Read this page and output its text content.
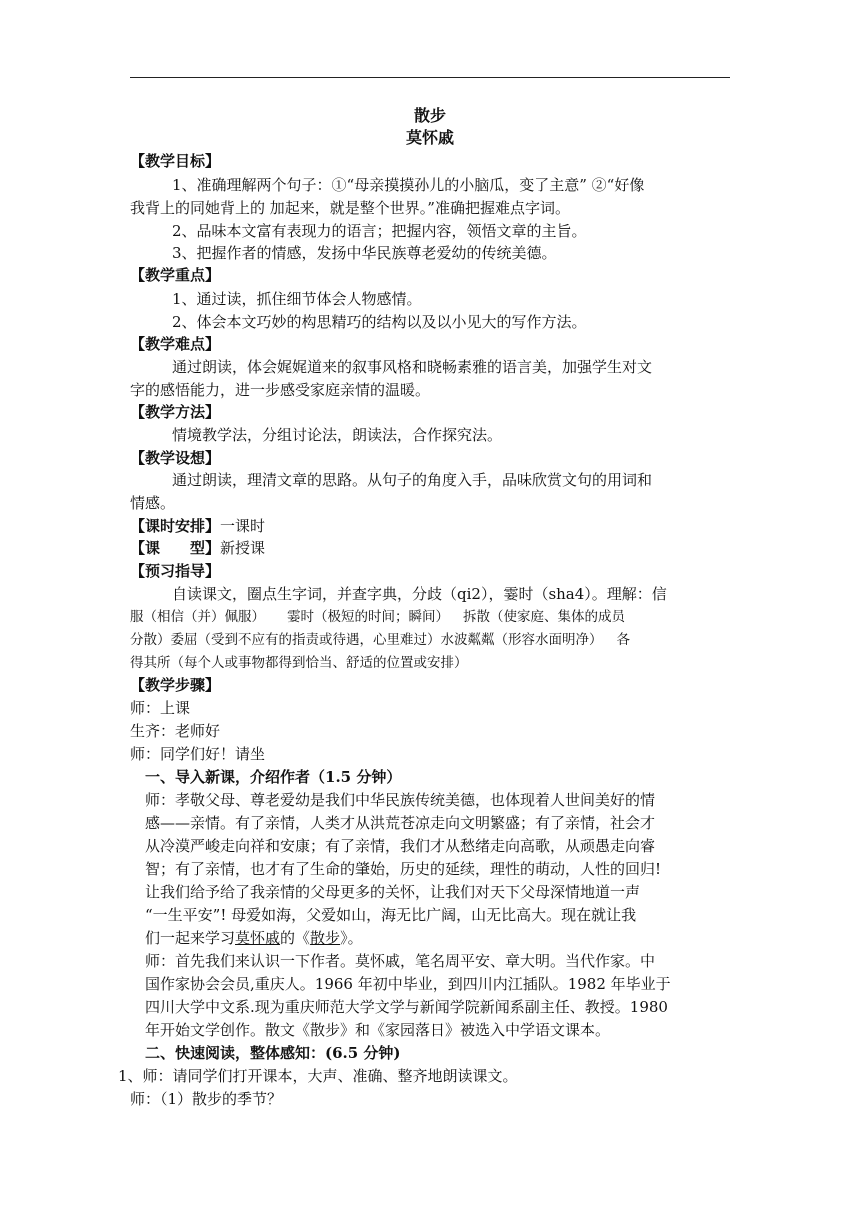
散步
莫怀戚
【教学目标】
1、准确理解两个句子：①“母亲摸摸孙儿的小脑瓜，变了主意” ②“好像
我背上的同她背上的 加起来，就是整个世界。”准确把握难点字词。
2、品味本文富有表现力的语言；把握内容，领悟文章的主旨。
3、把握作者的情感，发扬中华民族尊老爱幼的传统美德。
【教学重点】
1、通过读，抓住细节体会人物感情。
2、体会本文巧妙的构思精巧的结构以及以小见大的写作方法。
【教学难点】
通过朗读，体会娓娓道来的叙事风格和晓畅素雅的语言美，加强学生对文
字的感悟能力，进一步感受家庭亲情的温暖。
【教学方法】
情境教学法，分组讨论法，朗读法，合作探究法。
【教学设想】
通过朗读，理清文章的思路。从句子的角度入手，品味欣赏文句的用词和
情感。
【课时安排】一课时
【课 型】新授课
【预习指导】
自读课文，圈点生字词，并查字典，分歧（qi2），霎时（sha4）。理解：信
服（相信（并）佩服） 霎时（极短的时间；瞬间） 拆散（使家庭、集体的成员
分散）委屈（受到不应有的指责或待遇，心里难过）水波粼粼（形容水面明净） 各
得其所（每个人或事物都得到恰当、舒适的位置或安排）
【教学步骤】
师：上课
生齐：老师好
师：同学们好！请坐
一、导入新课，介绍作者（1.5 分钟）
师：孝敬父母、尊老爱幼是我们中华民族传统美德，也体现着人世间美好的情
感——亲情。有了亲情，人类才从洪荒苍凉走向文明繁盛；有了亲情，社会才
从冷漠严峻走向祥和安康；有了亲情，我们才从愁绪走向高歌，从顽愚走向睿
智；有了亲情，也才有了生命的肇始，历史的延续，理性的萌动，人性的回归!
让我们给予给了我亲情的父母更多的关怀，让我们对天下父母深情地道一声
“一生平安”! 母爱如海，父爱如山，海无比广阔，山无比高大。现在就让我
们一起来学习莫怀戚的《散步》。
师：首先我们来认识一下作者。莫怀戚，笔名周平安、章大明。当代作家。中
国作家协会会员,重庆人。1966 年初中毕业，到四川内江插队。1982 年毕业于
四川大学中文系.现为重庆师范大学文学与新闻学院新闻系副主任、教授。1980
年开始文学创作。散文《散步》和《家园落日》被选入中学语文课本。
二、快速阅读，整体感知：(6.5 分钟)
1、师：请同学们打开课本，大声、准确、整齐地朗读课文。
师：（1）散步的季节？
